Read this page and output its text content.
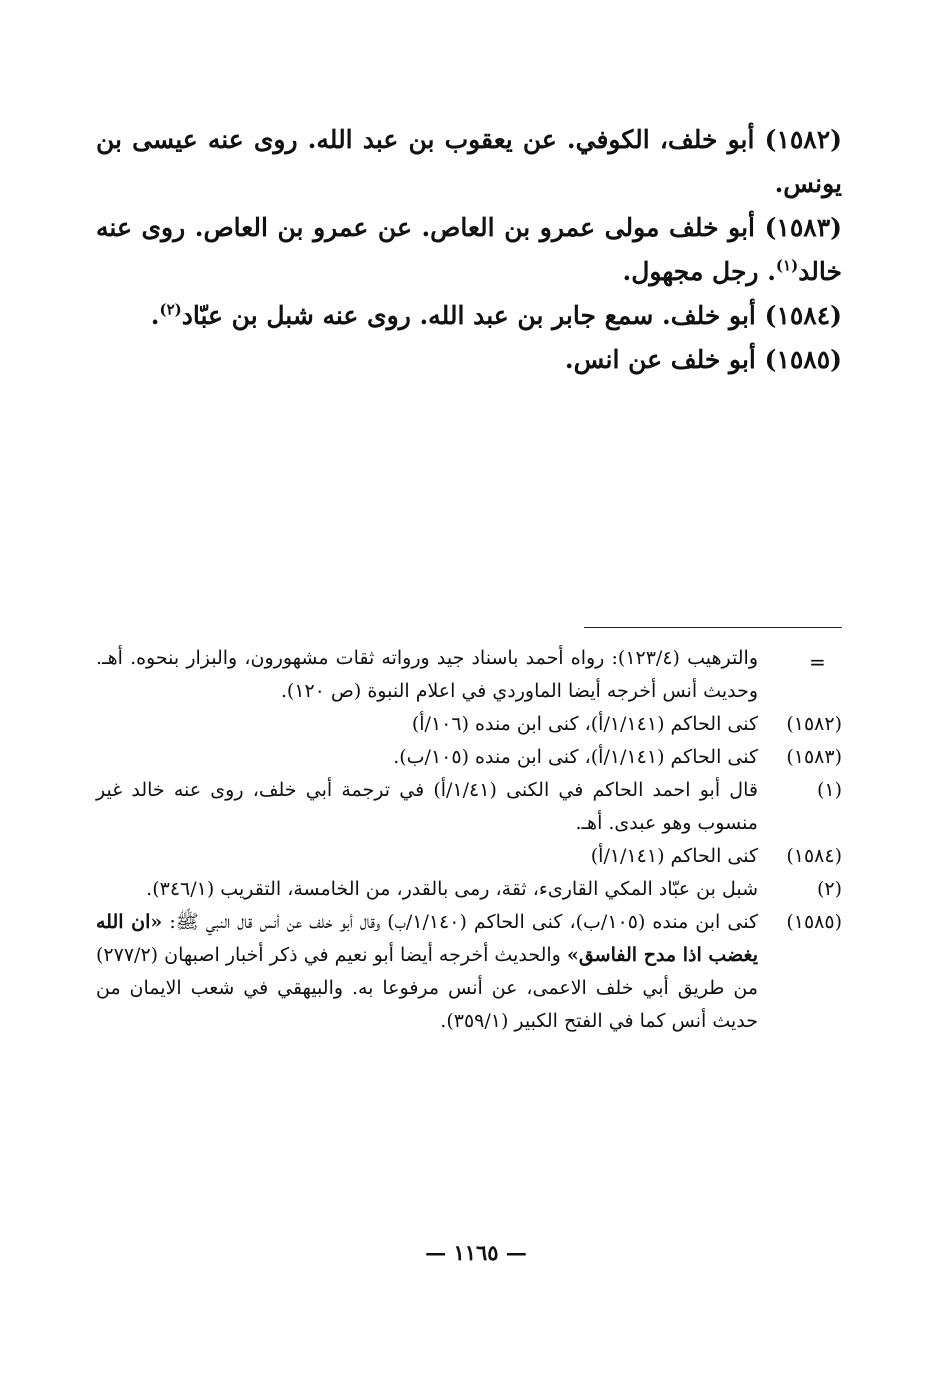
(١٥٨٢) أبو خلف، الكوفي. عن يعقوب بن عبد الله. روى عنه عيسى بن يونس.

(١٥٨٣) أبو خلف مولى عمرو بن العاص. عن عمرو بن العاص. روى عنه خالد$^{(١)}$. رجل مجهول.

(١٥٨٤) أبو خلف. سمع جابر بن عبد الله. روى عنه شبل بن عبّاد$^{(٢)}$.

(١٥٨٥) أبو خلف عن انس.

=
والترهيب (١٢٣/٤): رواه أحمد باسناد جيد ورواته ثقات مشهورون، والبزار بنحوه. أهـ. وحديث أنس أخرجه أيضا الماوردي في اعلام النبوة (ص ١٢٠).
(١٥٨٢)
كنى الحاكم (١/١٤١/أ)، كنى ابن منده (١٠٦/أ)
(١٥٨٣)
كنى الحاكم (١/١٤١/أ)، كنى ابن منده (١٠٥/ب).
(١)
قال أبو احمد الحاكم في الكنى (١/٤١/أ) في ترجمة أبي خلف، روى عنه خالد غير منسوب وهو عبدى. أهـ.
(١٥٨٤)
كنى الحاكم (١/١٤١/أ)
(٢)
شبل بن عبّاد المكي القارىء، ثقة، رمى بالقدر، من الخامسة، التقريب (٣٤٦/١).
(١٥٨٥)
كنى ابن منده (١٠٥/ب)، كنى الحاكم (١/١٤٠/ب) وقال أبو خلف عن أنس قال النبي ﷺ: «ان الله يغضب اذا مدح الفاسق» والحديث أخرجه أيضا أبو نعيم في ذكر أخبار اصبهان (٢٧٧/٢) من طريق أبي خلف الاعمى، عن أنس مرفوعا به. والبيهقي في شعب الايمان من حديث أنس كما في الفتح الكبير (٣٥٩/١).
— ١١٦٥ —
